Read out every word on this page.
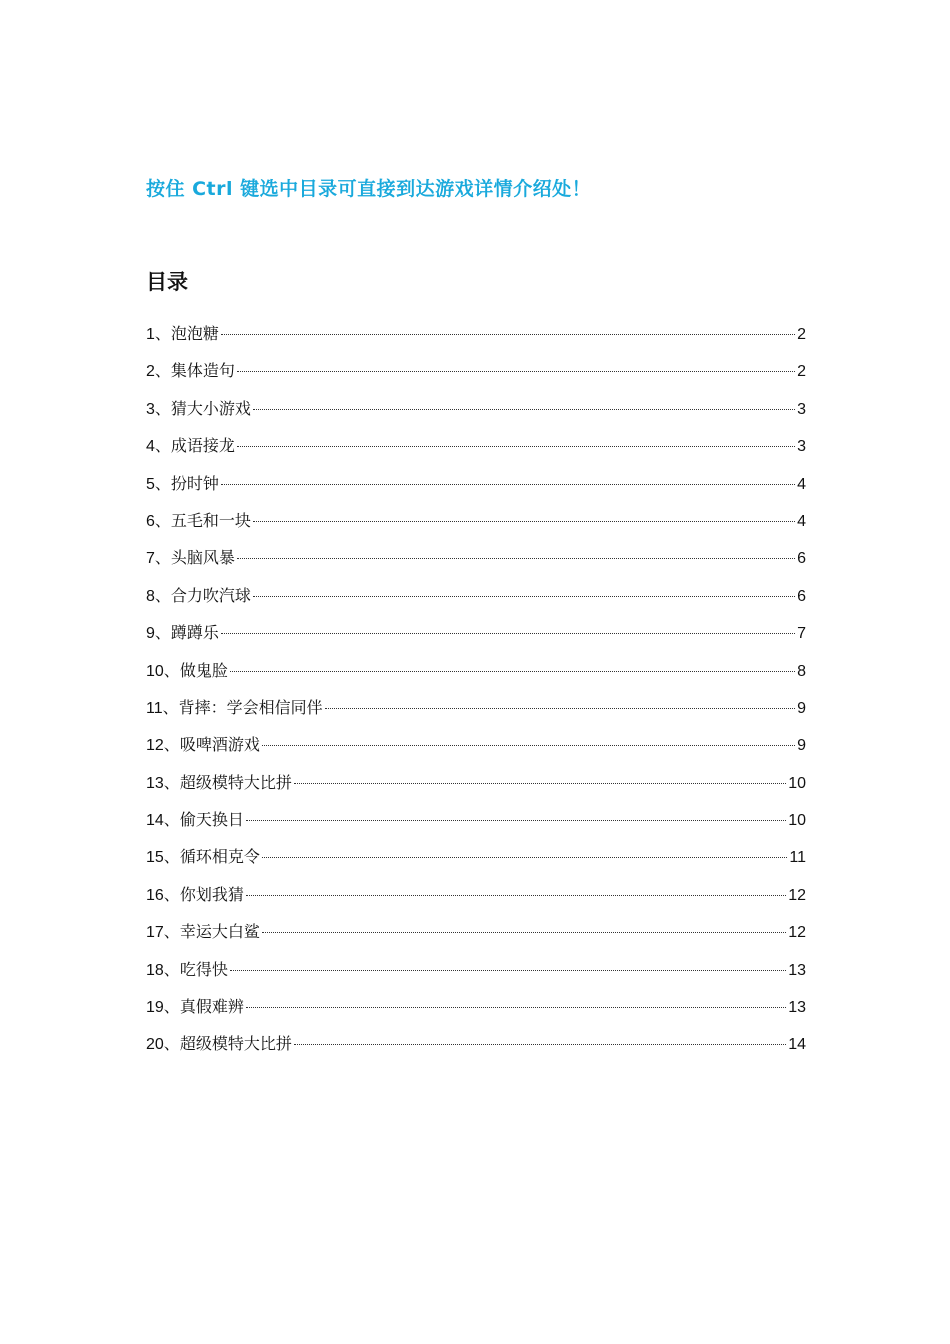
按住 Ctrl 键选中目录可直接到达游戏详情介绍处！
目录
1、 泡泡糖	2
2、 集体造句	2
3、 猜大小游戏	3
4、 成语接龙	3
5、 扮时钟	4
6、 五毛和一块	4
7、 头脑风暴	6
8、 合力吹汽球	6
9、 蹲蹲乐	7
10、 做鬼脸	8
11、 背摔：学会相信同伴	9
12、 吸啤酒游戏	9
13、 超级模特大比拼	10
14、 偷天换日	10
15、 循环相克令	11
16、 你划我猜	12
17、 幸运大白鲨	12
18、 吃得快	13
19、 真假难辨	13
20、 超级模特大比拼	14
